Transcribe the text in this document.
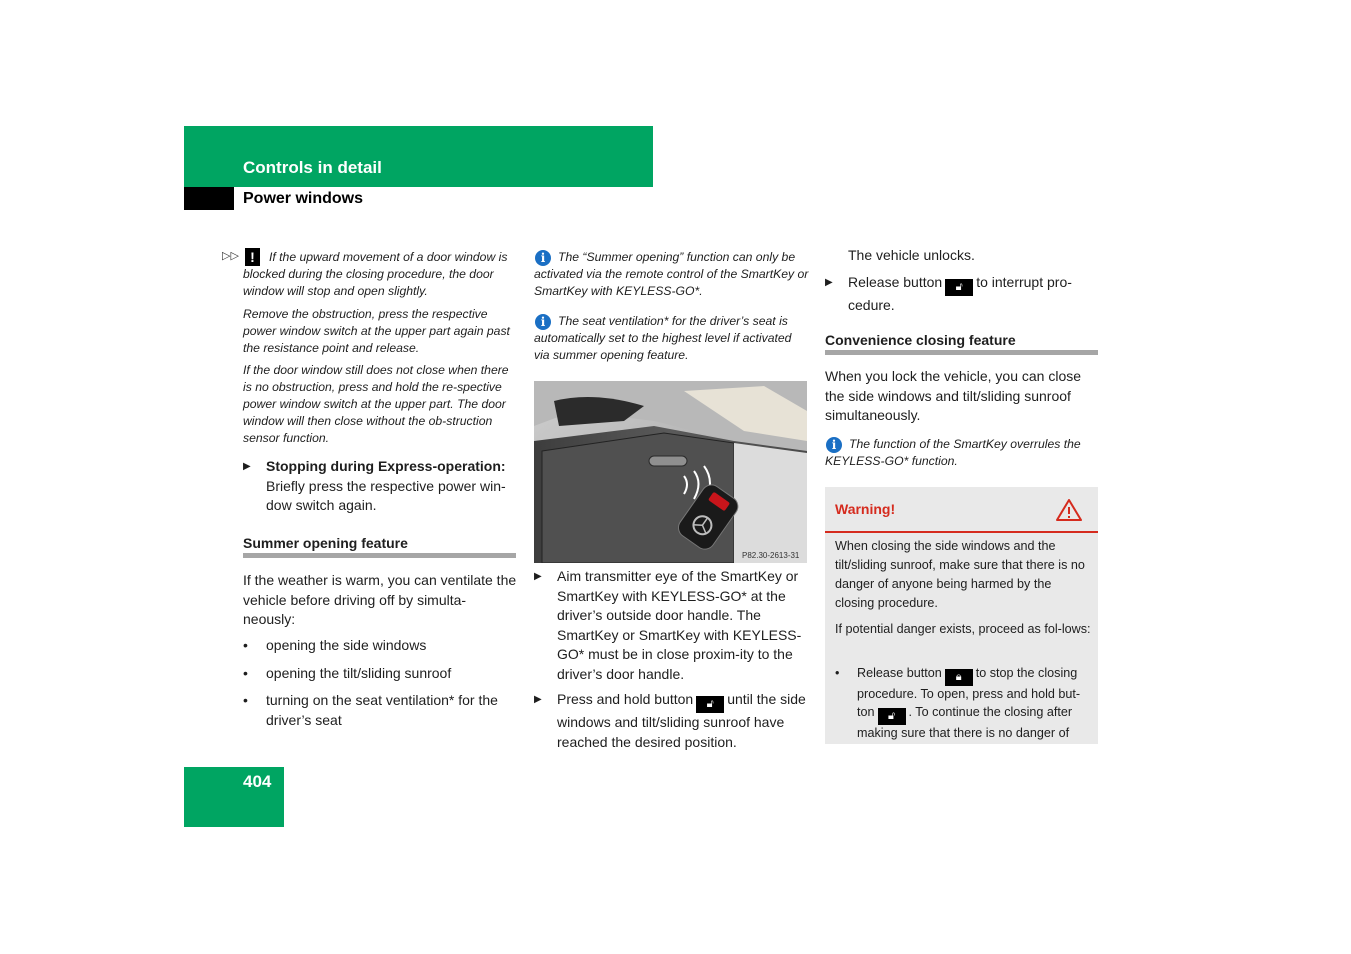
Controls in detail
Power windows
▷▷ !	If the upward movement of a door window is blocked during the closing procedure, the door window will stop and open slightly.
Remove the obstruction, press the respective power window switch at the upper part again past the resistance point and release.
If the door window still does not close when there is no obstruction, press and hold the re-spective power window switch at the upper part. The door window will then close without the ob-struction sensor function.
▶ Stopping during Express-operation:
Briefly press the respective power win-dow switch again.
Summer opening feature
If the weather is warm, you can ventilate the vehicle before driving off by simulta-neously:
• opening the side windows
• opening the tilt/sliding sunroof
• turning on the seat ventilation* for the driver’s seat
i	The “Summer opening” function can only be activated via the remote control of the SmartKey or SmartKey with KEYLESS-GO*.
i	The seat ventilation* for the driver’s seat is automatically set to the highest level if activated via summer opening feature.
P82.30-2613-31
▶ Aim transmitter eye of the SmartKey or SmartKey with KEYLESS-GO* at the driver’s outside door handle. The SmartKey or SmartKey with KEYLESS-GO* must be in close proxim-ity to the driver’s door handle.
▶ Press and hold button 🔓︎ until the side windows and tilt/sliding sunroof have reached the desired position.
The vehicle unlocks.
▶ Release button 🔓︎ to interrupt pro-cedure.
Convenience closing feature
When you lock the vehicle, you can close the side windows and tilt/sliding sunroof simultaneously.
i	The function of the SmartKey overrules the KEYLESS-GO* function.
Warning!
When closing the side windows and the tilt/sliding sunroof, make sure that there is no danger of anyone being harmed by the closing procedure.
If potential danger exists, proceed as fol-lows:
• Release button 🔒︎ to stop the closing procedure. To open, press and hold but-ton 🔓︎ . To continue the closing after making sure that there is no danger of
404
